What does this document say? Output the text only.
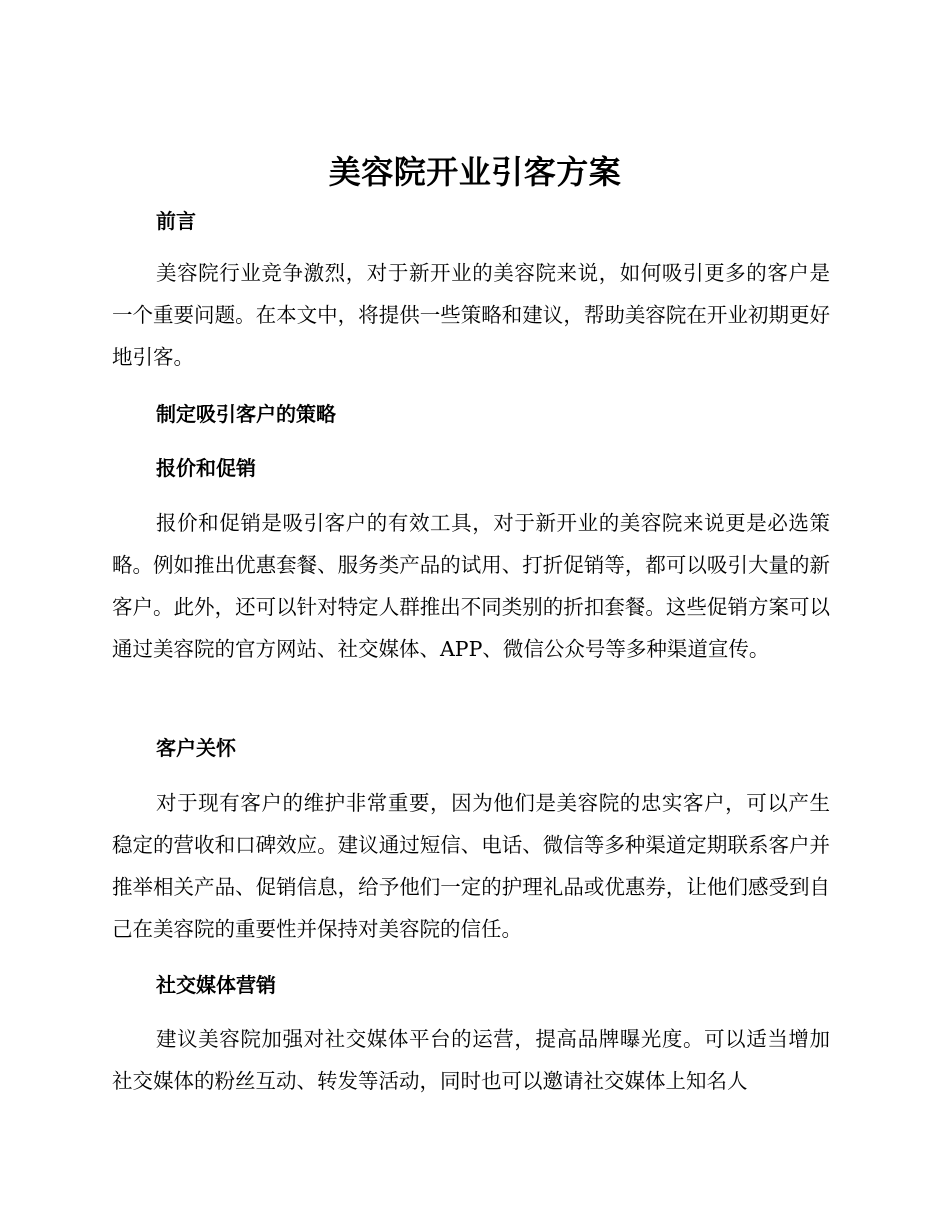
美容院开业引客方案
前言

美容院行业竞争激烈，对于新开业的美容院来说，如何吸引更多的客户是一个重要问题。在本文中，将提供一些策略和建议，帮助美容院在开业初期更好地引客。

制定吸引客户的策略
报价和促销

报价和促销是吸引客户的有效工具，对于新开业的美容院来说更是必选策略。例如推出优惠套餐、服务类产品的试用、打折促销等，都可以吸引大量的新客户。此外，还可以针对特定人群推出不同类别的折扣套餐。这些促销方案可以通过美容院的官方网站、社交媒体、APP、微信公众号等多种渠道宣传。

客户关怀

对于现有客户的维护非常重要，因为他们是美容院的忠实客户，可以产生稳定的营收和口碑效应。建议通过短信、电话、微信等多种渠道定期联系客户并推举相关产品、促销信息，给予他们一定的护理礼品或优惠券，让他们感受到自己在美容院的重要性并保持对美容院的信任。

社交媒体营销

建议美容院加强对社交媒体平台的运营，提高品牌曝光度。可以适当增加社交媒体的粉丝互动、转发等活动，同时也可以邀请社交媒体上知名人
